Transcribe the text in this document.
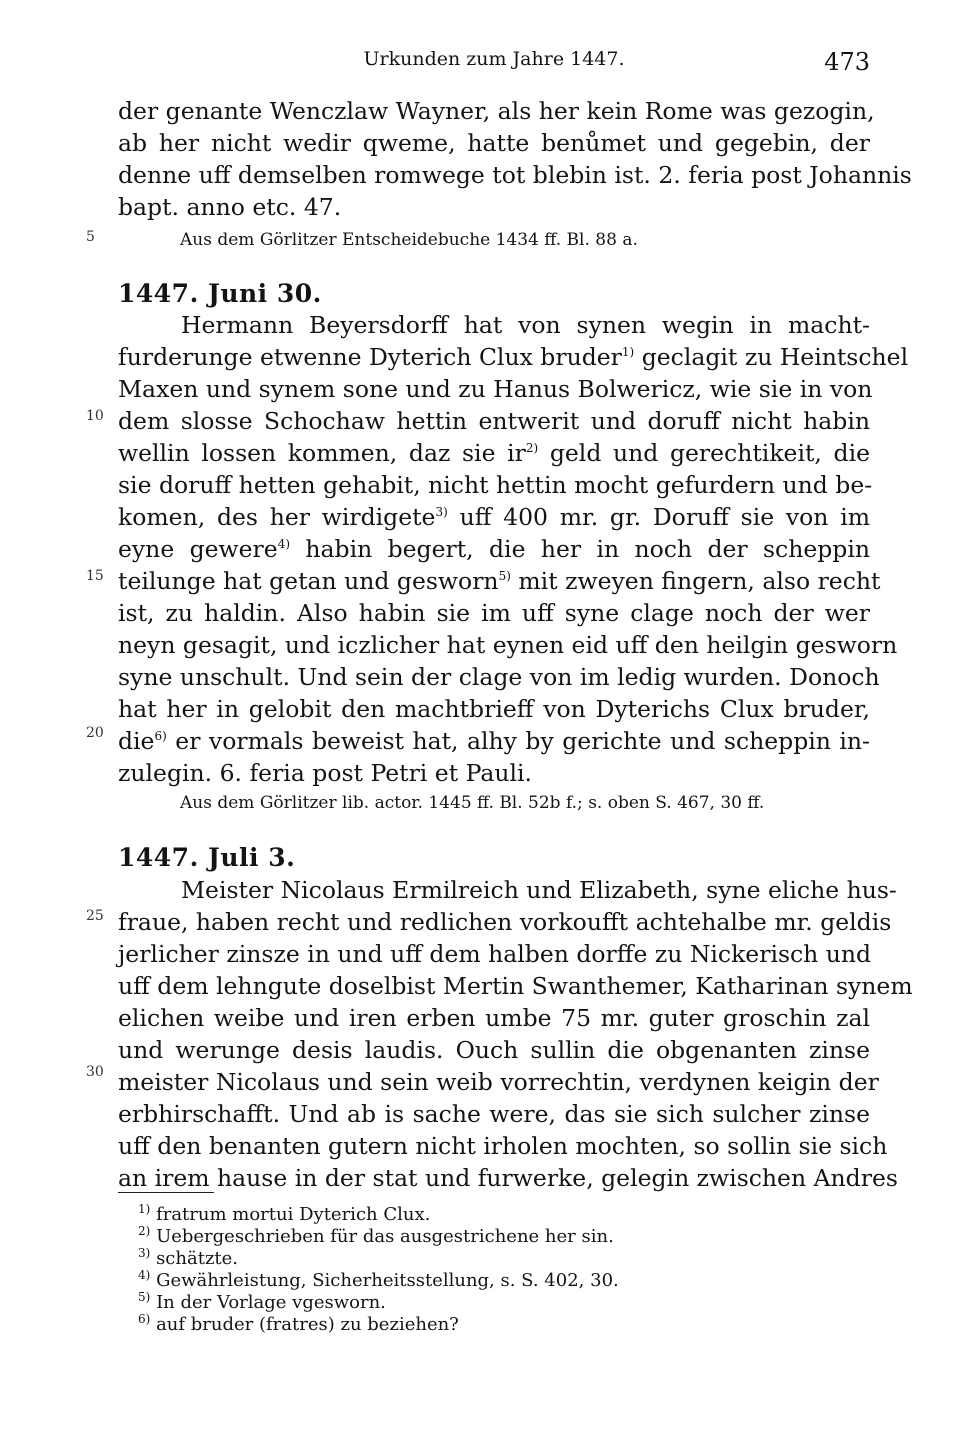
Urkunden zum Jahre 1447.	473
5
10
15
20
25
30
der genante Wenczlaw Wayner, als her kein Rome was gezogin,
ab her nicht wedir qweme, hatte benůmet und gegebin, der
denne uff demselben romwege tot blebin ist. 2. feria post Johannis
bapt. anno etc. 47.
Aus dem Görlitzer Entscheidebuche 1434 ff. Bl. 88 a.
1447. Juni 30.
Hermann Beyersdorff hat von synen wegin in macht-
furderunge etwenne Dyterich Clux bruder$^{1)}$ geclagit zu Heintschel
Maxen und synem sone und zu Hanus Bolwericz, wie sie in von
dem slosse Schochaw hettin entwerit und doruff nicht habin
wellin lossen kommen, daz sie $ir^{2)}$ geld und gerechtikeit, die
sie doruff hetten gehabit, nicht hettin mocht gefurdern und be-
komen, des her wirdigete$^{3)}$ uff 400 mr. gr. Doruff sie von im
eyne gewere$^{4)}$ habin begert, die her in noch der scheppin
teilunge hat getan und gesworn$^{5)}$ mit zweyen fingern, also recht
ist, zu haldin. Also habin sie im uff syne clage noch der wer
neyn gesagit, und iczlicher hat eynen eid uff den heilgin gesworn
syne unschult. Und sein der clage von im ledig wurden. Donoch
hat her in gelobit den machtbrieff von Dyterichs Clux bruder,
die$^{6)}$ er vormals beweist hat, alhy by gerichte und scheppin in-
zulegin. 6. feria post Petri et Pauli.
Aus dem Görlitzer lib. actor. 1445 ff. Bl. 52b f.; s. oben S. 467, 30 ff.
1447. Juli 3.
Meister Nicolaus Ermilreich und Elizabeth, syne eliche hus-
fraue, haben recht und redlichen vorkoufft achtehalbe mr. geldis
jerlicher zinsze in und uff dem halben dorffe zu Nickerisch und
uff dem lehngute doselbist Mertin Swanthemer, Katharinan synem
elichen weibe und iren erben umbe 75 mr. guter groschin zal
und werunge desis laudis. Ouch sullin die obgenanten zinse
meister Nicolaus und sein weib vorrechtin, verdynen keigin der
erbhirschafft. Und ab is sache were, das sie sich sulcher zinse
uff den benanten gutern nicht irholen mochten, so sollin sie sich
an irem hause in der stat und furwerke, gelegin zwischen Andres
$^{1)}$ fratrum mortui Dyterich Clux.
$^{2)}$ Uebergeschrieben für das ausgestrichene her sin.
$^{3)}$ schätzte.
$^{4)}$ Gewährleistung, Sicherheitsstellung, s. S. 402, 30.
$^{5)}$ In der Vorlage vgesworn.
$^{6)}$ auf bruder (fratres) zu beziehen?
